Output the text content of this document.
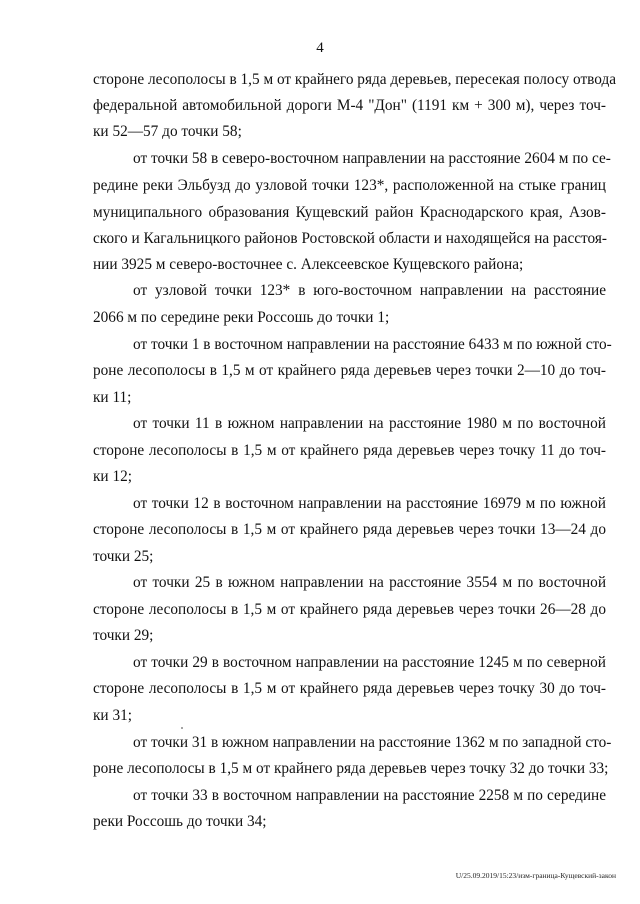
4
стороне лесополосы в 1,5 м от крайнего ряда деревьев, пересекая полосу отвода
федеральной автомобильной дороги М-4 "Дон" (1191 км + 300 м), через точ-
ки 52—57 до точки 58;
от точки 58 в северо-восточном направлении на расстояние 2604 м по се-
редине реки Эльбузд до узловой точки 123*, расположенной на стыке границ
муниципального образования Кущевский район Краснодарского края, Азов-
ского и Кагальницкого районов Ростовской области и находящейся на расстоя-
нии 3925 м северо-восточнее с. Алексеевское Кущевского района;
от узловой точки 123* в юго-восточном направлении на расстояние
2066 м по середине реки Россошь до точки 1;
от точки 1 в восточном направлении на расстояние 6433 м по южной сто-
роне лесополосы в 1,5 м от крайнего ряда деревьев через точки 2—10 до точ-
ки 11;
от точки 11 в южном направлении на расстояние 1980 м по восточной
стороне лесополосы в 1,5 м от крайнего ряда деревьев через точку 11 до точ-
ки 12;
от точки 12 в восточном направлении на расстояние 16979 м по южной
стороне лесополосы в 1,5 м от крайнего ряда деревьев через точки 13—24 до
точки 25;
от точки 25 в южном направлении на расстояние 3554 м по восточной
стороне лесополосы в 1,5 м от крайнего ряда деревьев через точки 26—28 до
точки 29;
от точки 29 в восточном направлении на расстояние 1245 м по северной
стороне лесополосы в 1,5 м от крайнего ряда деревьев через точку 30 до точ-
ки 31;
от точки 31 в южном направлении на расстояние 1362 м по западной сто-
роне лесополосы в 1,5 м от крайнего ряда деревьев через точку 32 до точки 33;
от точки 33 в восточном направлении на расстояние 2258 м по середине
реки Россошь до точки 34;
U/25.09.2019/15:23/изм-граница-Кущевский-закон
